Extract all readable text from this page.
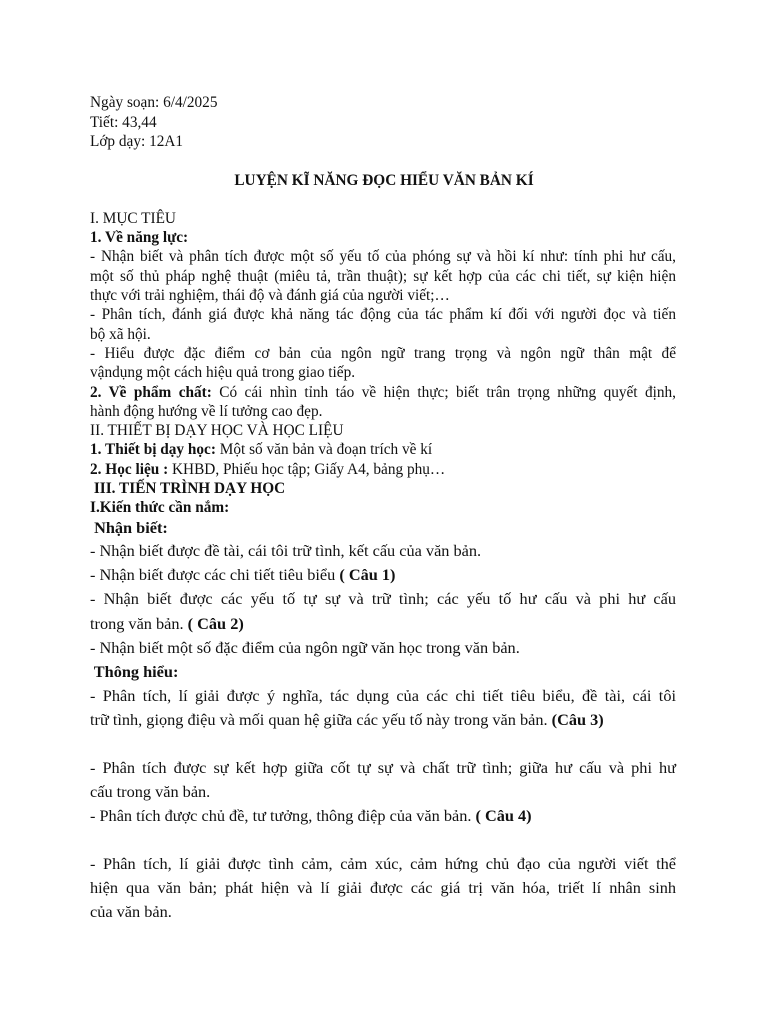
Ngày soạn: 6/4/2025
Tiết: 43,44
Lớp dạy: 12A1
LUYỆN KĨ NĂNG ĐỌC HIỂU VĂN BẢN KÍ
I. MỤC TIÊU
1. Về năng lực:
- Nhận biết và phân tích được một số yếu tố của phóng sự và hồi kí như: tính phi hư cấu,
một số thủ pháp nghệ thuật (miêu tả, trần thuật); sự kết hợp của các chi tiết, sự kiện hiện
thực với trải nghiệm, thái độ và đánh giá của người viết;…
- Phân tích, đánh giá được khả năng tác động của tác phẩm kí đối với người đọc và tiến
bộ xã hội.
- Hiểu được đặc điểm cơ bản của ngôn ngữ trang trọng và ngôn ngữ thân mật để
vậndụng một cách hiệu quả trong giao tiếp.
2. Về phẩm chất: Có cái nhìn tỉnh táo về hiện thực; biết trân trọng những quyết định,
hành động hướng về lí tưởng cao đẹp.
II. THIẾT BỊ DẠY HỌC VÀ HỌC LIỆU
1. Thiết bị dạy học: Một số văn bản và đoạn trích về kí
2. Học liệu : KHBD, Phiếu học tập; Giấy A4, bảng phụ…
III. TIẾN TRÌNH DẠY HỌC
I.Kiến thức cần nắm:
Nhận biết:
- Nhận biết được đề tài, cái tôi trữ tình, kết cấu của văn bản.
- Nhận biết được các chi tiết tiêu biểu ( Câu 1)
- Nhận biết được các yếu tố tự sự và trữ tình; các yếu tố hư cấu và phi hư cấu
trong văn bản. ( Câu 2)
- Nhận biết một số đặc điểm của ngôn ngữ văn học trong văn bản.
Thông hiểu:
- Phân tích, lí giải được ý nghĩa, tác dụng của các chi tiết tiêu biểu, đề tài, cái tôi
trữ tình, giọng điệu và mối quan hệ giữa các yếu tố này trong văn bản. (Câu 3)
- Phân tích được sự kết hợp giữa cốt tự sự và chất trữ tình; giữa hư cấu và phi hư
cấu trong văn bản.
- Phân tích được chủ đề, tư tưởng, thông điệp của văn bản. ( Câu 4)
- Phân tích, lí giải được tình cảm, cảm xúc, cảm hứng chủ đạo của người viết thể
hiện qua văn bản; phát hiện và lí giải được các giá trị văn hóa, triết lí nhân sinh
của văn bản.
